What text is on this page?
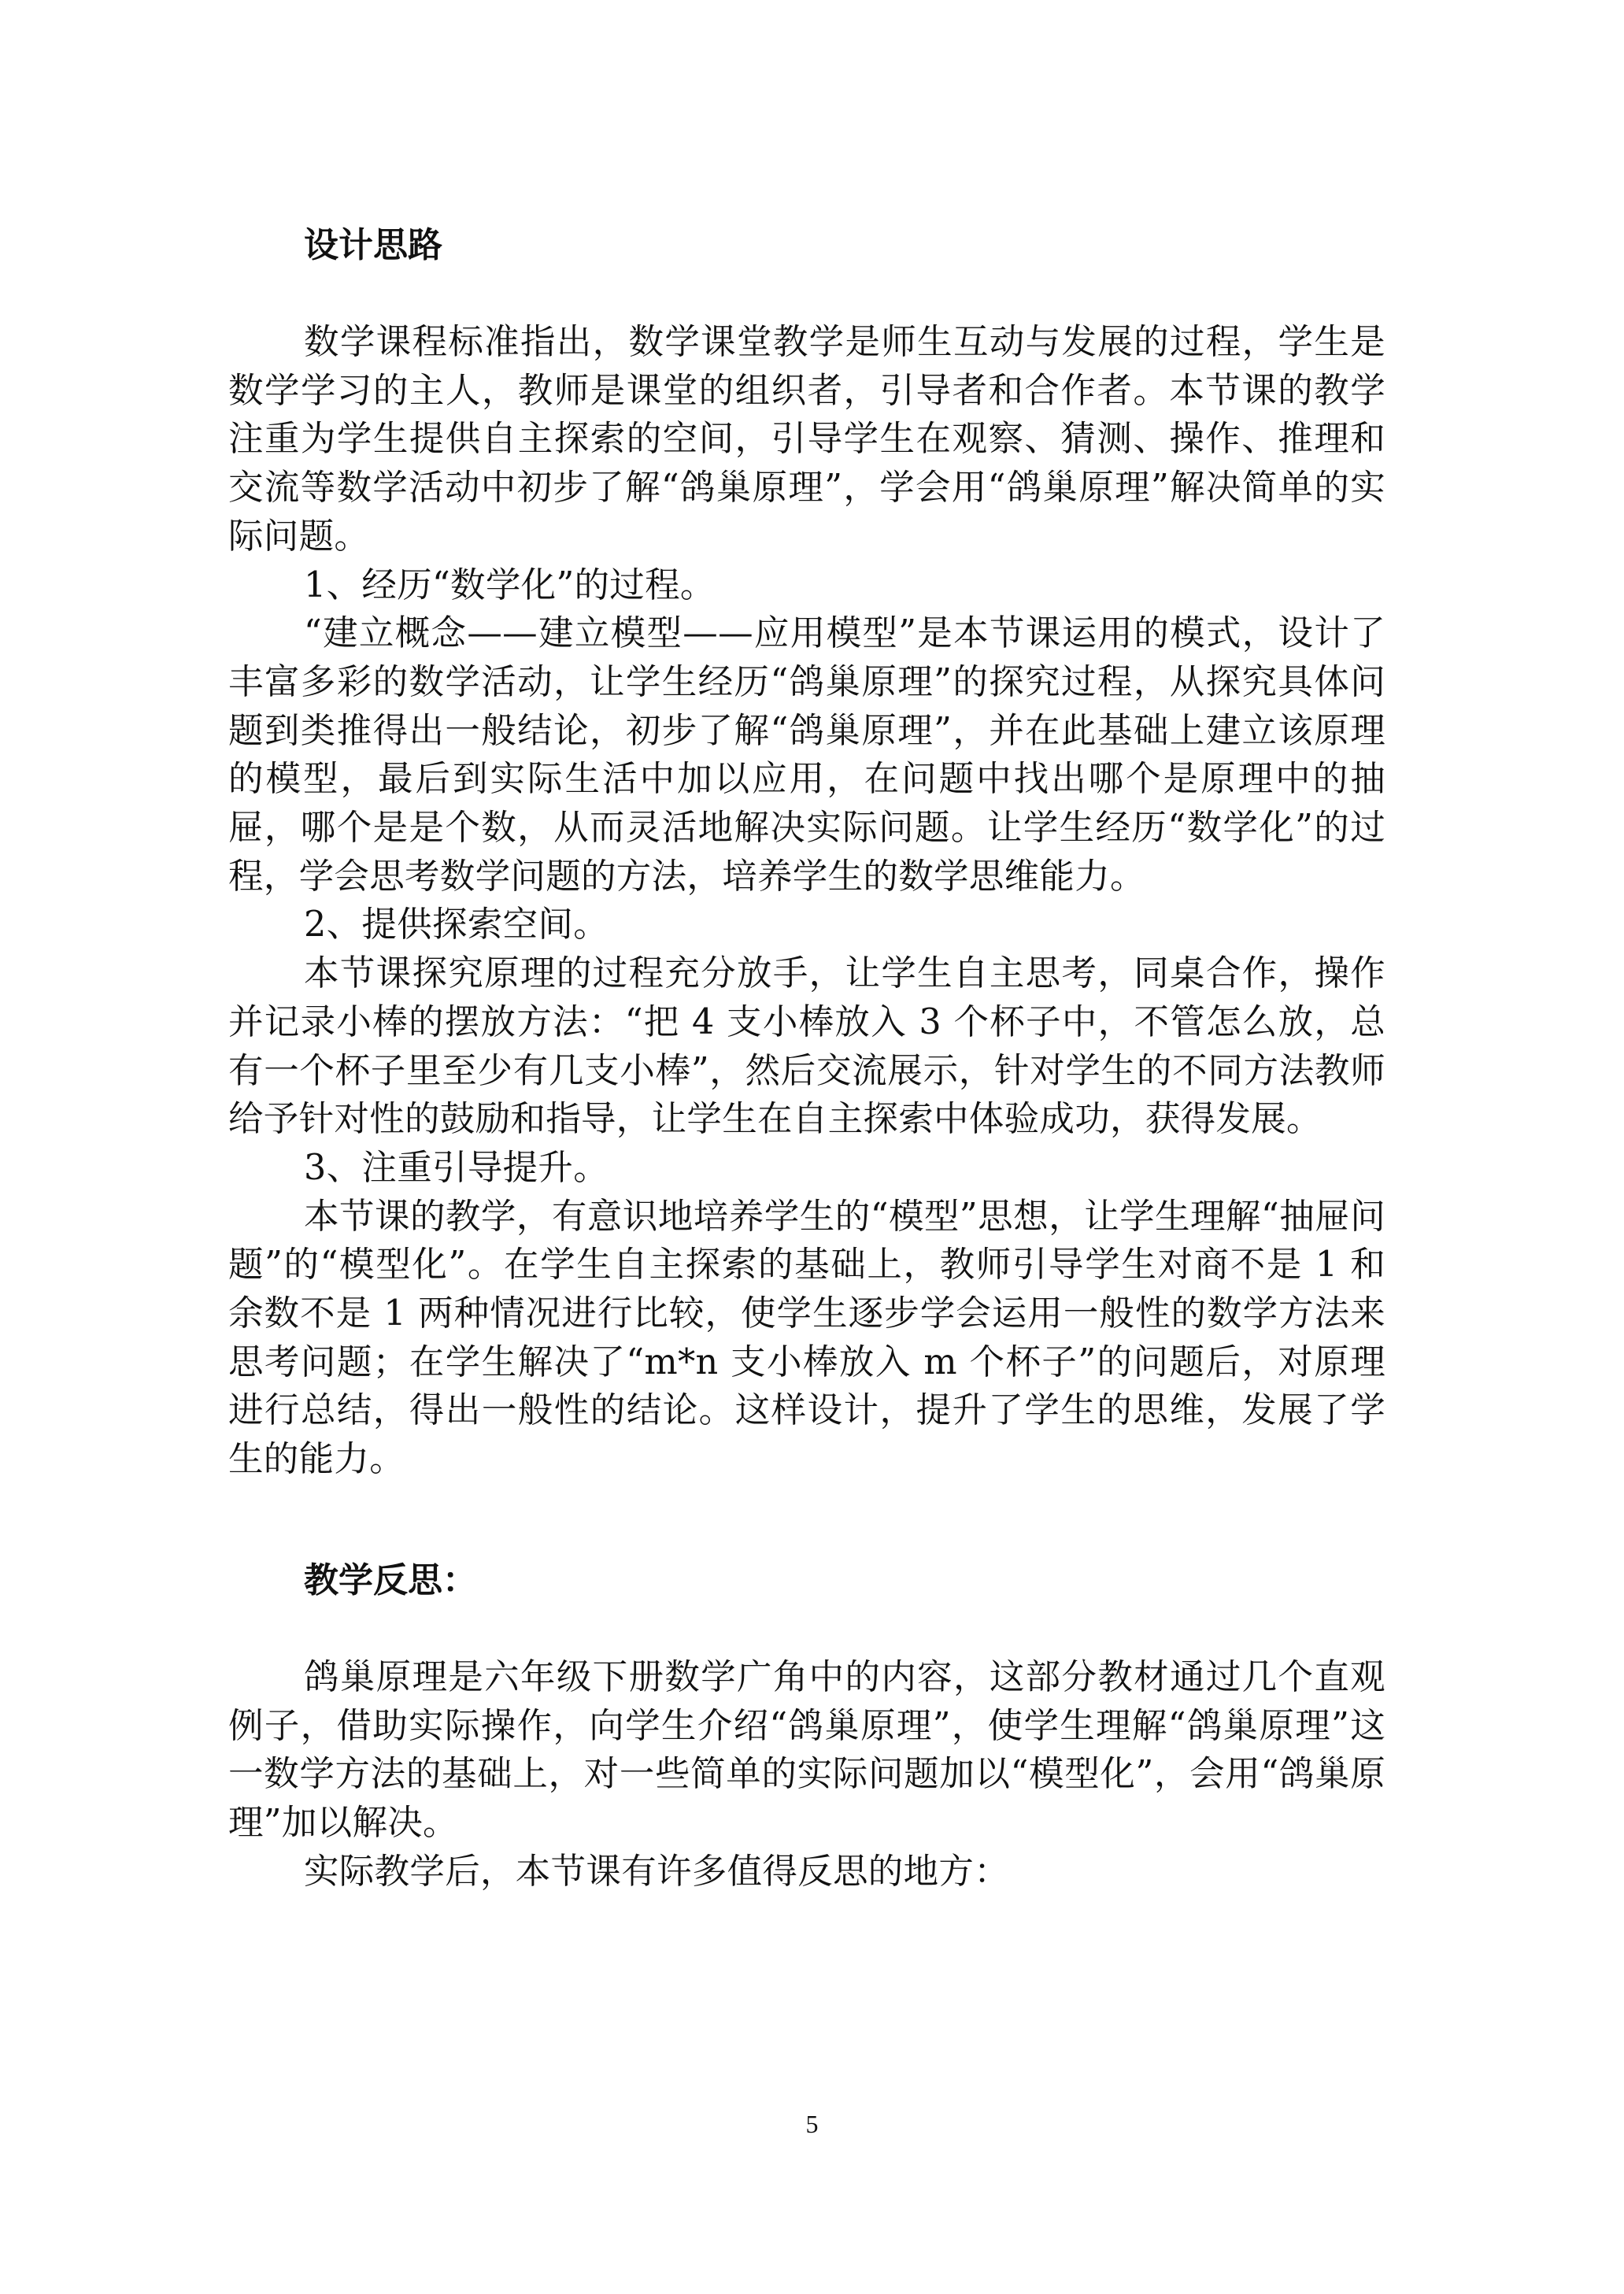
设计思路

数学课程标准指出，数学课堂教学是师生互动与发展的过程，学生是数学学习的主人，教师是课堂的组织者，引导者和合作者。本节课的教学注重为学生提供自主探索的空间，引导学生在观察、猜测、操作、推理和交流等数学活动中初步了解“鸽巢原理”，学会用“鸽巢原理”解决简单的实际问题。

1、经历“数学化”的过程。

“建立概念——建立模型——应用模型”是本节课运用的模式，设计了丰富多彩的数学活动，让学生经历“鸽巢原理”的探究过程，从探究具体问题到类推得出一般结论，初步了解“鸽巢原理”，并在此基础上建立该原理的模型，最后到实际生活中加以应用，在问题中找出哪个是原理中的抽屉，哪个是是个数，从而灵活地解决实际问题。让学生经历“数学化”的过程，学会思考数学问题的方法，培养学生的数学思维能力。

2、提供探索空间。

本节课探究原理的过程充分放手，让学生自主思考，同桌合作，操作并记录小棒的摆放方法：“把 4 支小棒放入 3 个杯子中，不管怎么放，总有一个杯子里至少有几支小棒”，然后交流展示，针对学生的不同方法教师给予针对性的鼓励和指导，让学生在自主探索中体验成功，获得发展。

3、注重引导提升。

本节课的教学，有意识地培养学生的“模型”思想，让学生理解“抽屉问题”的“模型化”。在学生自主探索的基础上，教师引导学生对商不是 1 和余数不是 1 两种情况进行比较，使学生逐步学会运用一般性的数学方法来思考问题；在学生解决了“m*n 支小棒放入 m 个杯子”的问题后，对原理进行总结，得出一般性的结论。这样设计，提升了学生的思维，发展了学生的能力。

教学反思：

鸽巢原理是六年级下册数学广角中的内容，这部分教材通过几个直观例子，借助实际操作，向学生介绍“鸽巢原理”，使学生理解“鸽巢原理”这一数学方法的基础上，对一些简单的实际问题加以“模型化”，会用“鸽巢原理”加以解决。

实际教学后，本节课有许多值得反思的地方：

5
